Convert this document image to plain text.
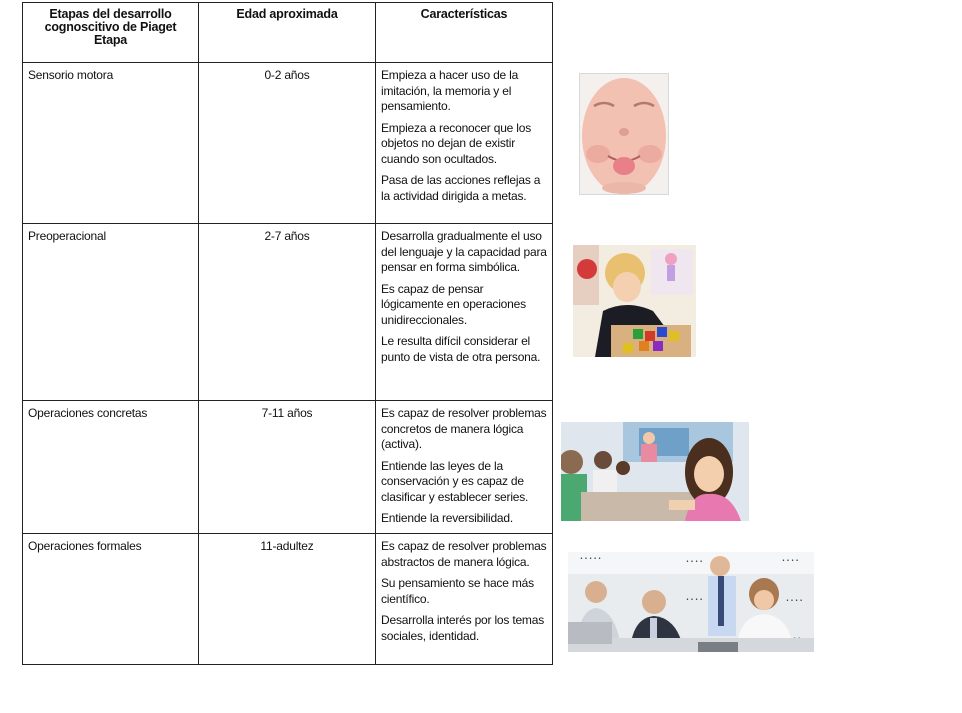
Etapas del desarrollo cognoscitivo de Piaget Etapa	Edad aproximada	Características
Sensorio motora	0-2 años	Empieza a hacer uso de la imitación, la memoria y el pensamiento.

Empieza a reconocer que los objetos no dejan de existir cuando son ocultados.

Pasa de las acciones reflejas a la actividad dirigida a metas.

Preoperacional	2-7 años	Desarrolla gradualmente el uso del lenguaje y la capacidad para pensar en forma simbólica.

Es capaz de pensar lógicamente en operaciones unidireccionales.

Le resulta difícil considerar el punto de vista de otra persona.

Operaciones concretas	7-11 años	Es capaz de resolver problemas concretos de manera lógica (activa).

Entiende las leyes de la conservación y es capaz de clasificar y establecer series.

Entiende la reversibilidad.

Operaciones formales	11-adultez	Es capaz de resolver problemas abstractos de manera lógica.

Su pensamiento se hace más científico.

Desarrolla interés por los temas sociales, identidad.

• • • • •	• • • •	• • • •
• • • •	• • • •
